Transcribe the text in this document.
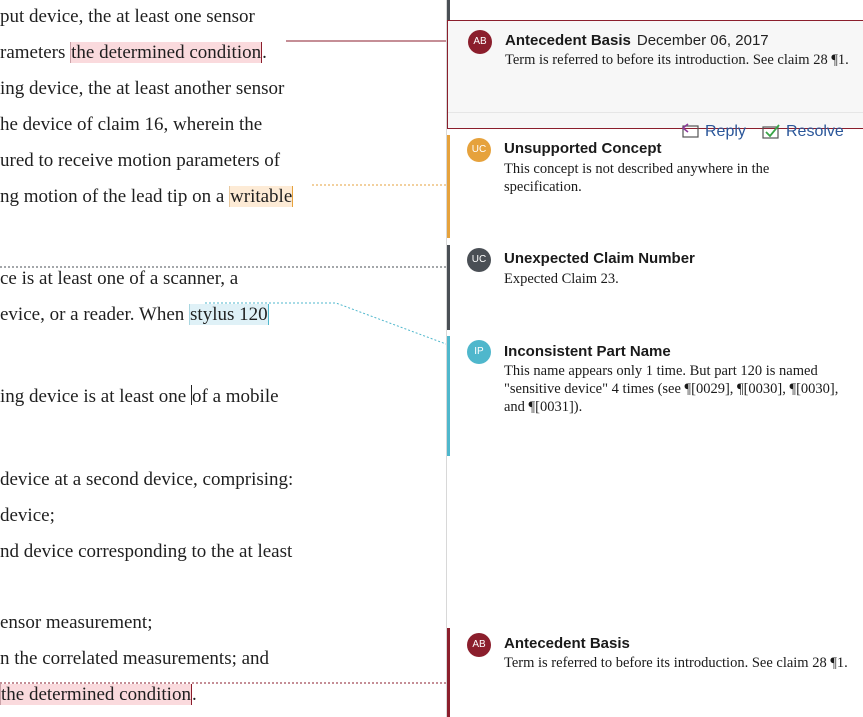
put device, the at least one sensor
rameters the determined condition.
ing device, the at least another sensor
he device of claim 16, wherein the
ured to receive motion parameters of
ng motion of the lead tip on a writable
ce is at least one of a scanner, a
evice, or a reader. When stylus 120
ing device is at least one of a mobile
device at a second device, comprising:
device;
nd device corresponding to the at least
ensor measurement;
n the correlated measurements; and
the determined condition.
AB	Antecedent Basis December 06, 2017
Term is referred to before its introduction. See claim 28 ¶1.
Reply	Resolve
UC	Unsupported Concept
This concept is not described anywhere in the specification.
UC	Unexpected Claim Number
Expected Claim 23.
IP	Inconsistent Part Name
This name appears only 1 time. But part 120 is named "sensitive device" 4 times (see ¶[0029], ¶[0030], ¶[0030], and ¶[0031]).
AB	Antecedent Basis
Term is referred to before its introduction. See claim 28 ¶1.
